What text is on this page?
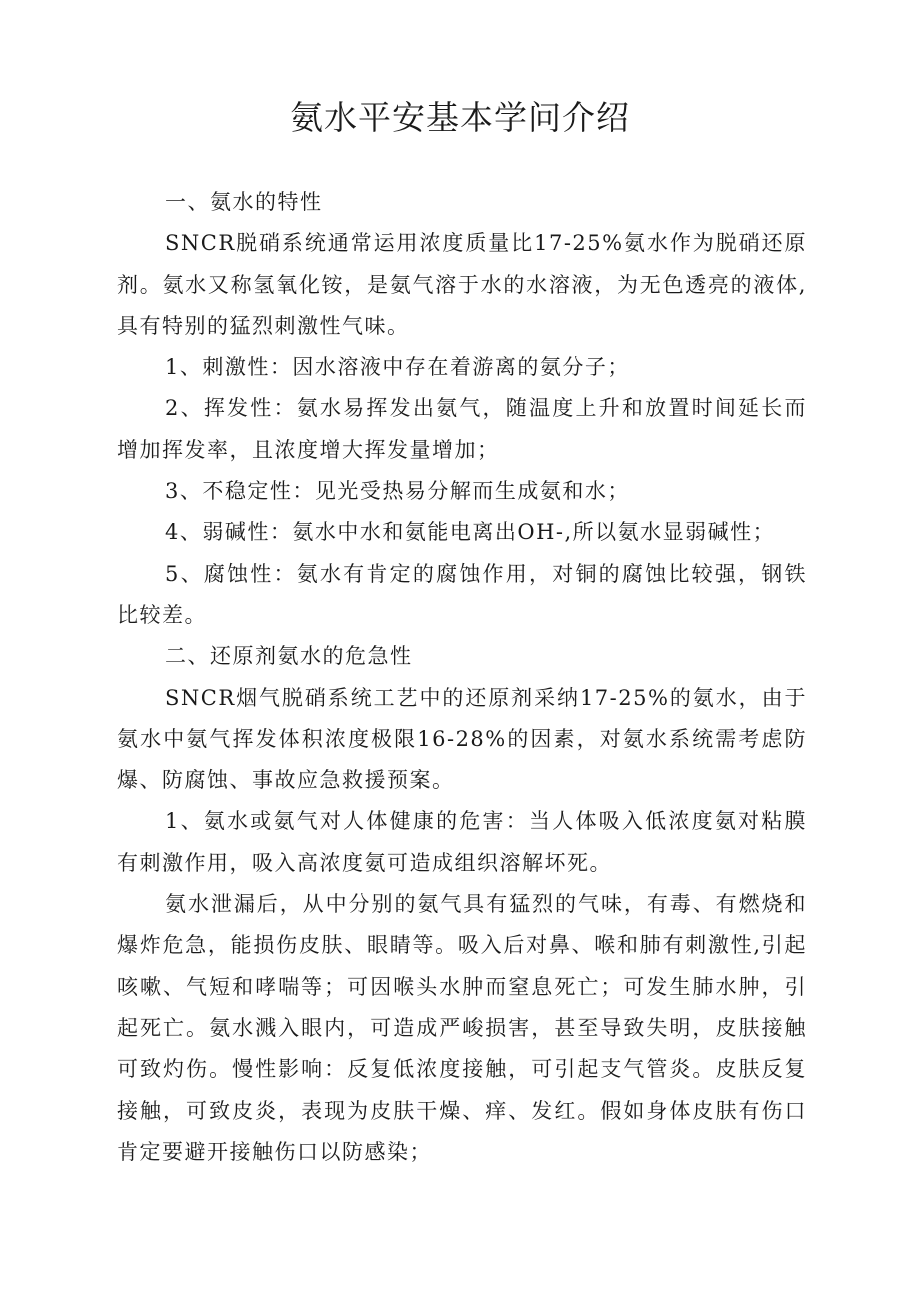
氨水平安基本学问介绍

一、氨水的特性

SNCR脱硝系统通常运用浓度质量比17-25%氨水作为脱硝还原剂。氨水又称氢氧化铵，是氨气溶于水的水溶液，为无色透亮的液体,具有特别的猛烈刺激性气味。

1、刺激性：因水溶液中存在着游离的氨分子；

2、挥发性：氨水易挥发出氨气，随温度上升和放置时间延长而增加挥发率，且浓度增大挥发量增加；

3、不稳定性：见光受热易分解而生成氨和水；

4、弱碱性：氨水中水和氨能电离出OH-,所以氨水显弱碱性；

5、腐蚀性：氨水有肯定的腐蚀作用，对铜的腐蚀比较强，钢铁比较差。

二、还原剂氨水的危急性

SNCR烟气脱硝系统工艺中的还原剂采纳17-25%的氨水，由于氨水中氨气挥发体积浓度极限16-28%的因素，对氨水系统需考虑防爆、防腐蚀、事故应急救援预案。

1、氨水或氨气对人体健康的危害：当人体吸入低浓度氨对粘膜有刺激作用，吸入高浓度氨可造成组织溶解坏死。

氨水泄漏后，从中分别的氨气具有猛烈的气味，有毒、有燃烧和爆炸危急，能损伤皮肤、眼睛等。吸入后对鼻、喉和肺有刺激性,引起咳嗽、气短和哮喘等；可因喉头水肿而窒息死亡；可发生肺水肿，引起死亡。氨水溅入眼内，可造成严峻损害，甚至导致失明，皮肤接触可致灼伤。慢性影响：反复低浓度接触，可引起支气管炎。皮肤反复接触，可致皮炎，表现为皮肤干燥、痒、发红。假如身体皮肤有伤口肯定要避开接触伤口以防感染；
